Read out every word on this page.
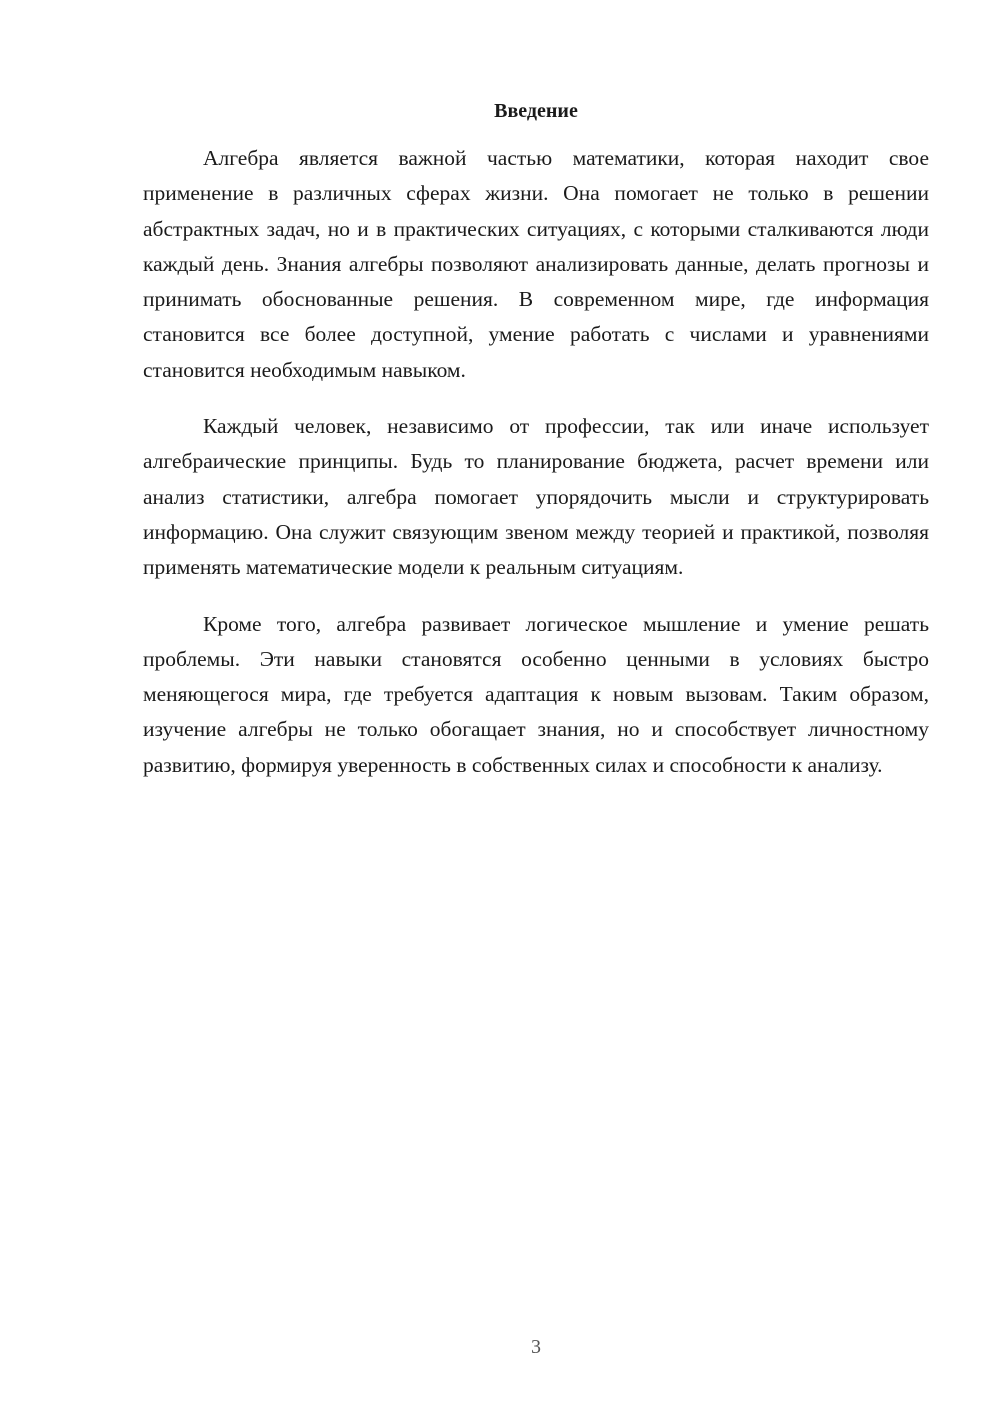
Введение

Алгебра является важной частью математики, которая находит свое применение в различных сферах жизни. Она помогает не только в решении абстрактных задач, но и в практических ситуациях, с которыми сталкиваются люди каждый день. Знания алгебры позволяют анализировать данные, делать прогнозы и принимать обоснованные решения. В современном мире, где информация становится все более доступной, умение работать с числами и уравнениями становится необходимым навыком.

Каждый человек, независимо от профессии, так или иначе использует алгебраические принципы. Будь то планирование бюджета, расчет времени или анализ статистики, алгебра помогает упорядочить мысли и структурировать информацию. Она служит связующим звеном между теорией и практикой, позволяя применять математические модели к реальным ситуациям.

Кроме того, алгебра развивает логическое мышление и умение решать проблемы. Эти навыки становятся особенно ценными в условиях быстро меняющегося мира, где требуется адаптация к новым вызовам. Таким образом, изучение алгебры не только обогащает знания, но и способствует личностному развитию, формируя уверенность в собственных силах и способности к анализу.

3
